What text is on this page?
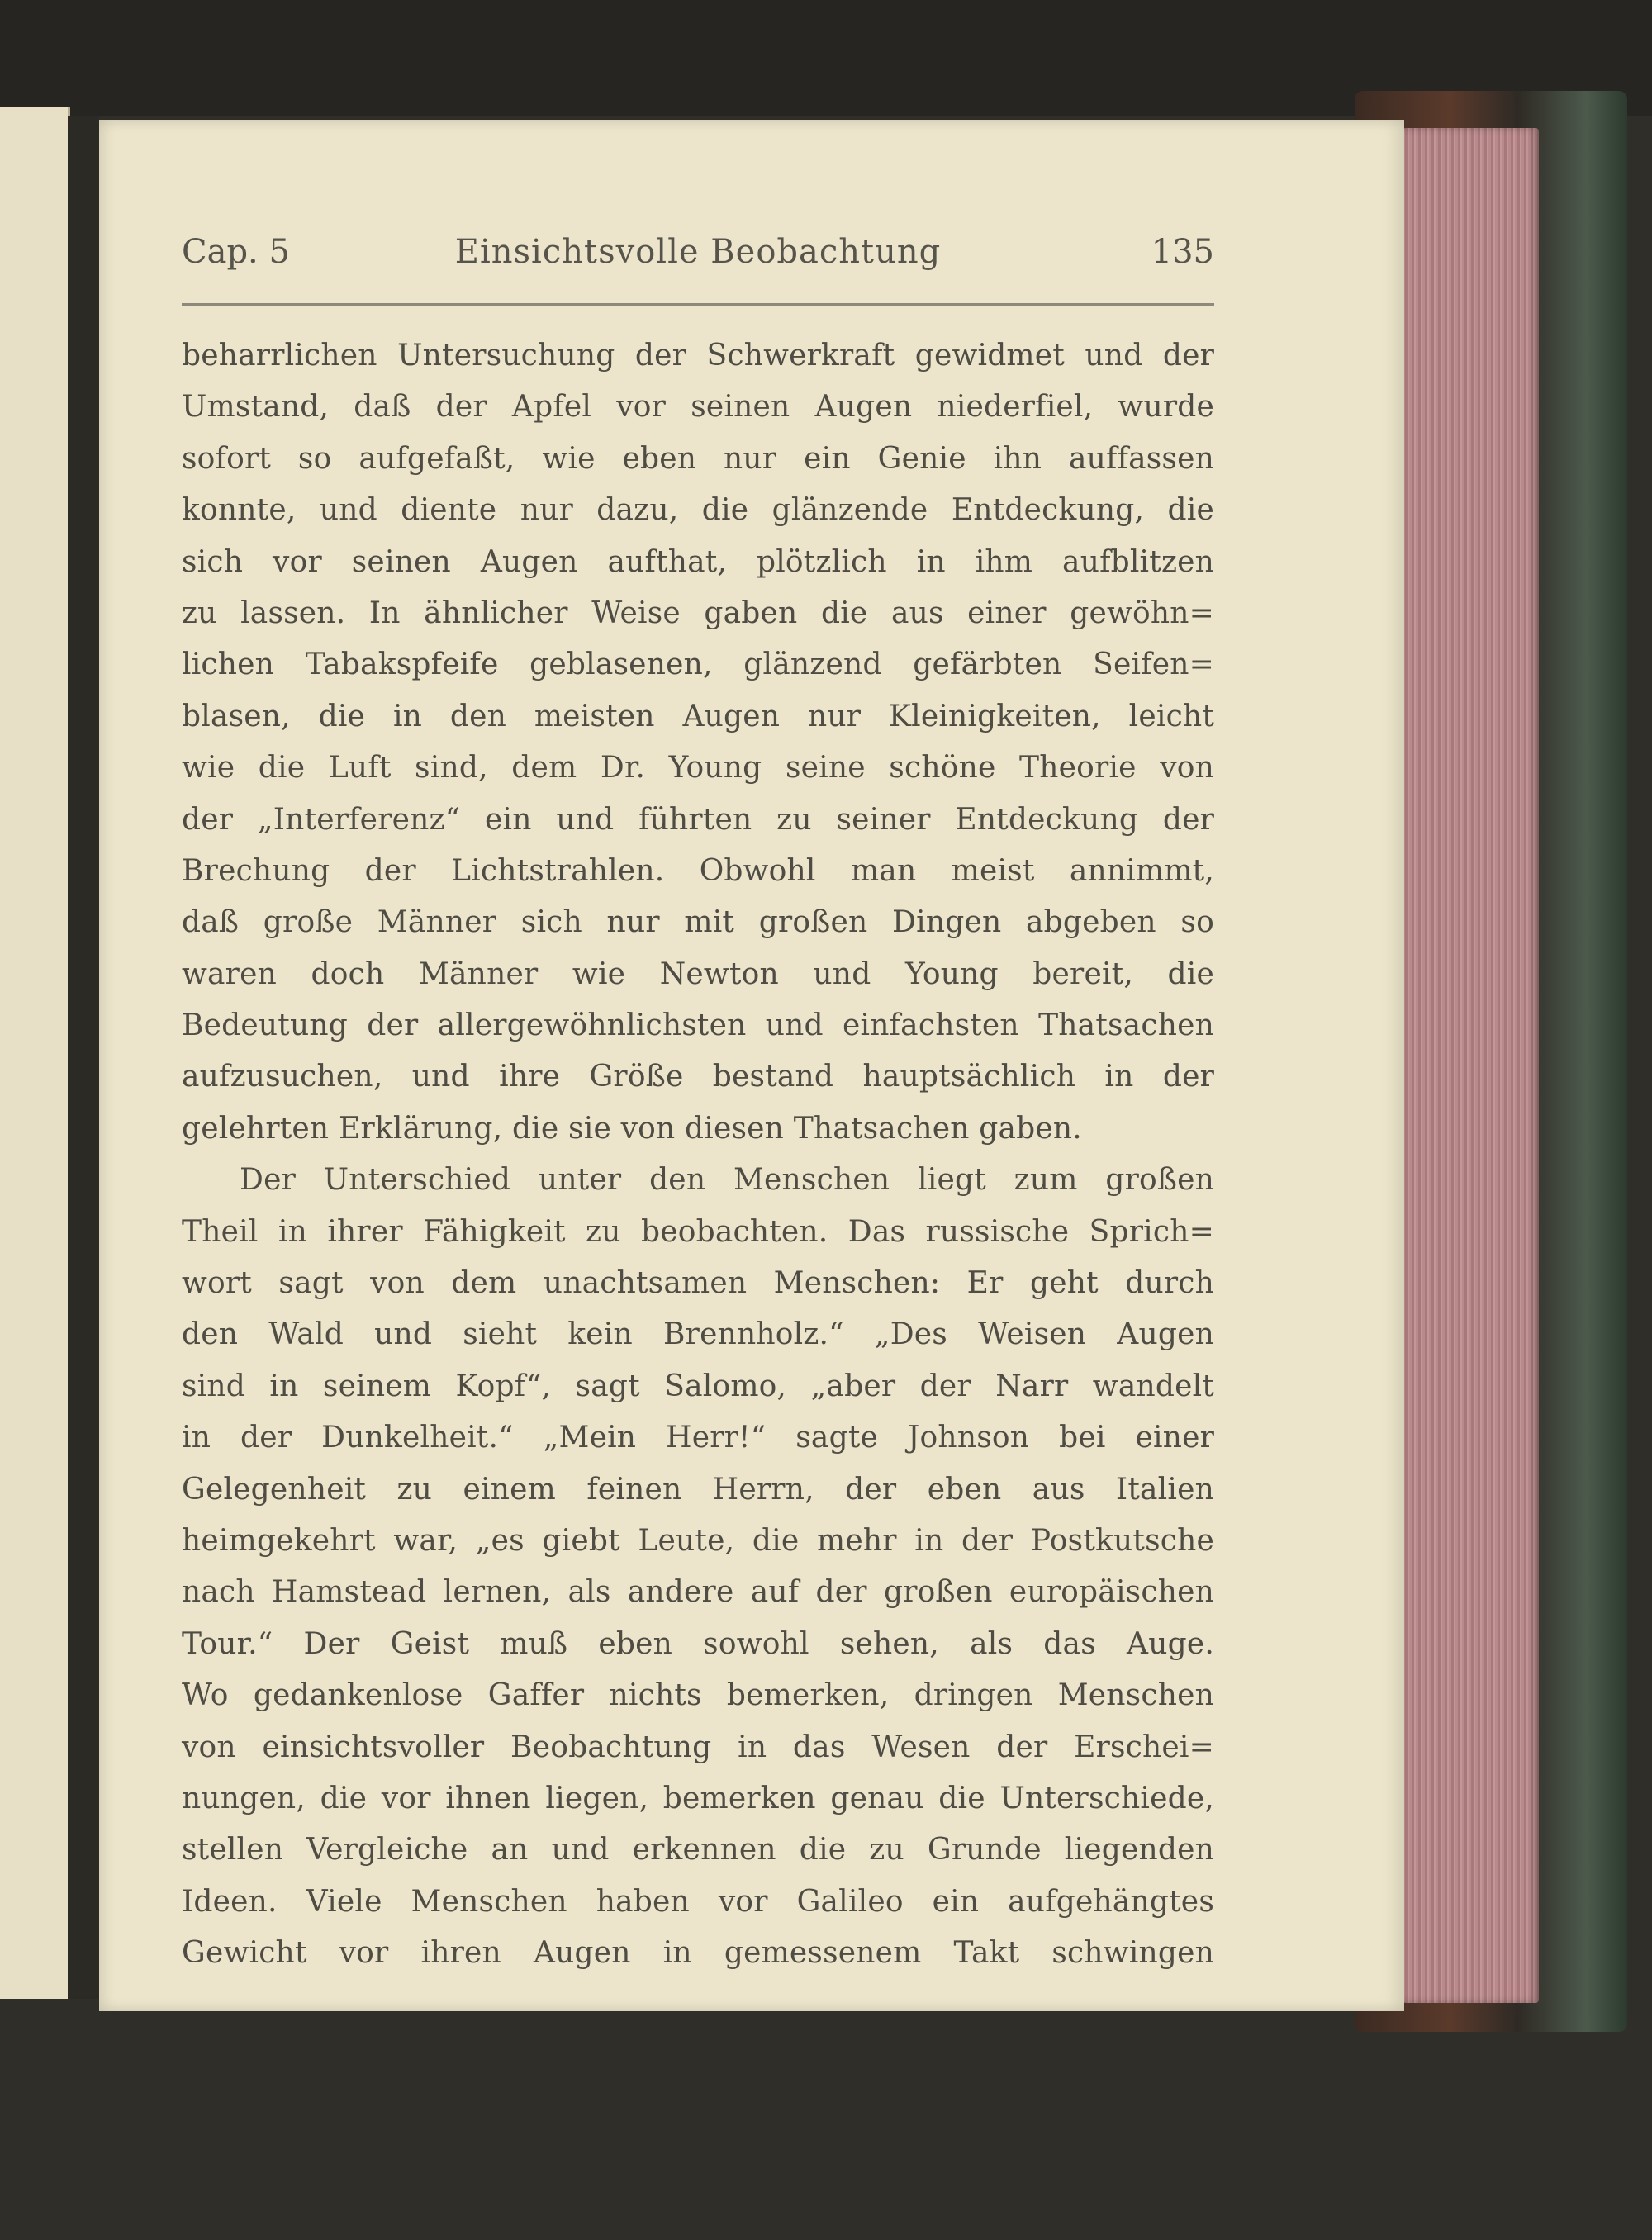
Cap. 5	Einsichtsvolle Beobachtung	135
beharrlichen Untersuchung der Schwerkraft gewidmet und der
Umstand, daß der Apfel vor seinen Augen niederfiel, wurde
sofort so aufgefaßt, wie eben nur ein Genie ihn auffassen
konnte, und diente nur dazu, die glänzende Entdeckung, die
sich vor seinen Augen aufthat, plötzlich in ihm aufblitzen
zu lassen. In ähnlicher Weise gaben die aus einer gewöhn=
lichen Tabakspfeife geblasenen, glänzend gefärbten Seifen=
blasen, die in den meisten Augen nur Kleinigkeiten, leicht
wie die Luft sind, dem Dr. Young seine schöne Theorie von
der „Interferenz“ ein und führten zu seiner Entdeckung der
Brechung der Lichtstrahlen. Obwohl man meist annimmt,
daß große Männer sich nur mit großen Dingen abgeben so
waren doch Männer wie Newton und Young bereit, die
Bedeutung der allergewöhnlichsten und einfachsten Thatsachen
aufzusuchen, und ihre Größe bestand hauptsächlich in der
gelehrten Erklärung, die sie von diesen Thatsachen gaben.
Der Unterschied unter den Menschen liegt zum großen
Theil in ihrer Fähigkeit zu beobachten. Das russische Sprich=
wort sagt von dem unachtsamen Menschen: Er geht durch
den Wald und sieht kein Brennholz.“ „Des Weisen Augen
sind in seinem Kopf“, sagt Salomo, „aber der Narr wandelt
in der Dunkelheit.“ „Mein Herr!“ sagte Johnson bei einer
Gelegenheit zu einem feinen Herrn, der eben aus Italien
heimgekehrt war, „es giebt Leute, die mehr in der Postkutsche
nach Hamstead lernen, als andere auf der großen europäischen
Tour.“ Der Geist muß eben sowohl sehen, als das Auge.
Wo gedankenlose Gaffer nichts bemerken, dringen Menschen
von einsichtsvoller Beobachtung in das Wesen der Erschei=
nungen, die vor ihnen liegen, bemerken genau die Unterschiede,
stellen Vergleiche an und erkennen die zu Grunde liegenden
Ideen. Viele Menschen haben vor Galileo ein aufgehängtes
Gewicht vor ihren Augen in gemessenem Takt schwingen
